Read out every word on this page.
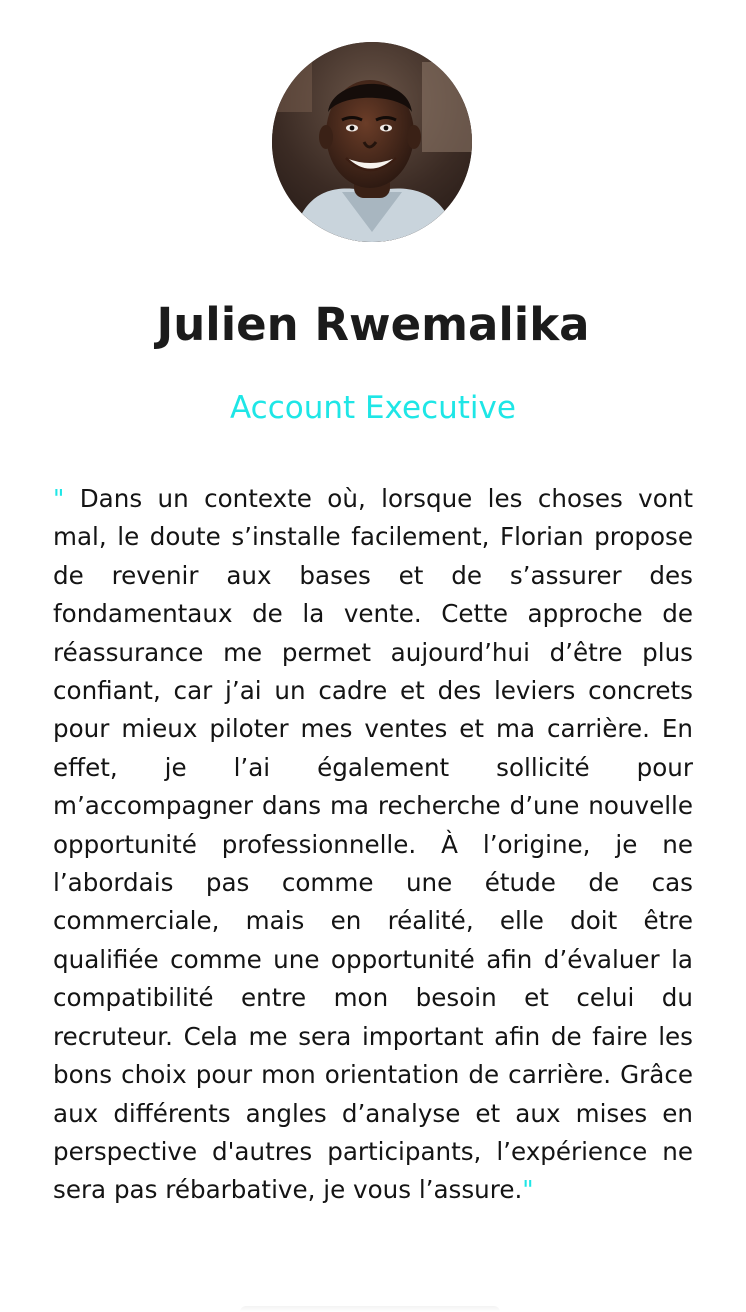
Julien Rwemalika
Account Executive

" Dans un contexte où, lorsque les choses vont mal, le doute s’installe facilement, Florian propose de revenir aux bases et de s’assurer des fondamentaux de la vente. Cette approche de réassurance me permet aujourd’hui d’être plus confiant, car j’ai un cadre et des leviers concrets pour mieux piloter mes ventes et ma carrière. En effet, je l’ai également sollicité pour m’accompagner dans ma recherche d’une nouvelle opportunité professionnelle. À l’origine, je ne l’abordais pas comme une étude de cas commerciale, mais en réalité, elle doit être qualifiée comme une opportunité afin d’évaluer la compatibilité entre mon besoin et celui du recruteur. Cela me sera important afin de faire les bons choix pour mon orientation de carrière. Grâce aux différents angles d’analyse et aux mises en perspective d'autres participants, l’expérience ne sera pas rébarbative, je vous l’assure."
